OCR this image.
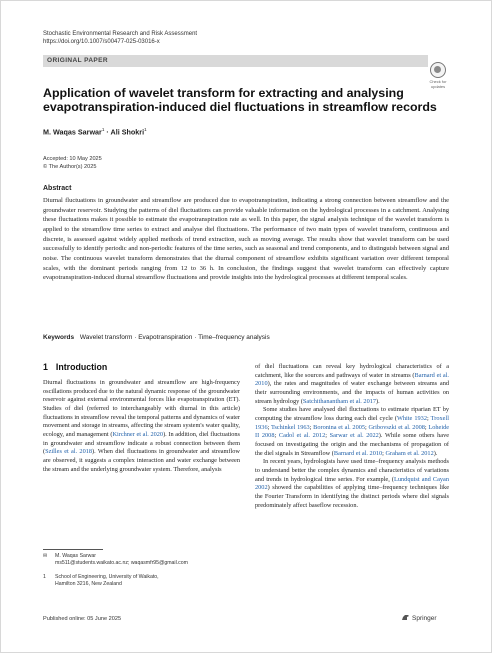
Stochastic Environmental Research and Risk Assessment
https://doi.org/10.1007/s00477-025-03016-x
ORIGINAL PAPER
Check for updates
Application of wavelet transform for extracting and analysing evapotranspiration-induced diel fluctuations in streamflow records
M. Waqas Sarwar$^1$ · Ali Shokri$^1$
Accepted: 10 May 2025
© The Author(s) 2025
Abstract

Diurnal fluctuations in groundwater and streamflow are produced due to evapotranspiration, indicating a strong connection between streamflow and the groundwater reservoir. Studying the patterns of diel fluctuations can provide valuable information on the hydrological processes in a catchment. Analysing these fluctuations makes it possible to estimate the evapotranspiration rate as well. In this paper, the signal analysis technique of the wavelet transform is applied to the streamflow time series to extract and analyse diel fluctuations. The performance of two main types of wavelet transform, continuous and discrete, is assessed against widely applied methods of trend extraction, such as moving average. The results show that wavelet transform can be used successfully to identify periodic and non-periodic features of the time series, such as seasonal and trend components, and to distinguish between signal and noise. The continuous wavelet transform demonstrates that the diurnal component of streamflow exhibits significant variation over different temporal scales, with the dominant periods ranging from 12 to 36 h. In conclusion, the findings suggest that wavelet transform can effectively capture evapotranspiration-induced diurnal streamflow fluctuations and provide insights into the hydrological processes at different temporal scales.

Keywords Wavelet transform · Evapotranspiration · Time–frequency analysis
1 Introduction

Diurnal fluctuations in groundwater and streamflow are high-frequency oscillations produced due to the natural dynamic response of the groundwater reservoir against external environmental forces like evapotranspiration (ET). Studies of diel (referred to interchangeably with diurnal in this article) fluctuations in streamflow reveal the temporal patterns and dynamics of water movement and storage in streams, affecting the stream system's water quality, ecology, and management (Kirchner et al. 2020). In addition, diel fluctuations in groundwater and streamflow indicate a robust connection between them (Szilles et al. 2018). When diel fluctuations in groundwater and streamflow are observed, it suggests a complex interaction and water exchange between the stream and the underlying groundwater system. Therefore, analysis

of diel fluctuations can reveal key hydrological characteristics of a catchment, like the sources and pathways of water in streams (Barnard et al. 2010), the rates and magnitudes of water exchange between streams and their surrounding environments, and the impacts of human activities on stream hydrology (Satchithanantham et al. 2017).

Some studies have analysed diel fluctuations to estimate riparian ET by computing the streamflow loss during each diel cycle (White 1932; Troxell 1936; Tschinkel 1963; Boronina et al. 2005; Gribovszki et al. 2008; Loheide II 2008; Cadol et al. 2012; Sarwar et al. 2022). While some others have focused on investigating the origin and the mechanisms of propagation of the diel signals in Streamflow (Barnard et al. 2010; Graham et al. 2012).

In recent years, hydrologists have used time–frequency analysis methods to understand better the complex dynamics and characteristics of variations and trends in hydrological time series. For example, (Lundquist and Cayan 2002) showed the capabilities of applying time–frequency techniques like the Fourier Transform in identifying the distinct periods where diel signals predominately affect baseflow recession.

✉ M. Waqas Sarwar
ms511@students.waikato.ac.nz; waqasmfr95@gmail.com
1 School of Engineering, University of Waikato,
Hamilton 3216, New Zealand
Published online: 05 June 2025	Springer
